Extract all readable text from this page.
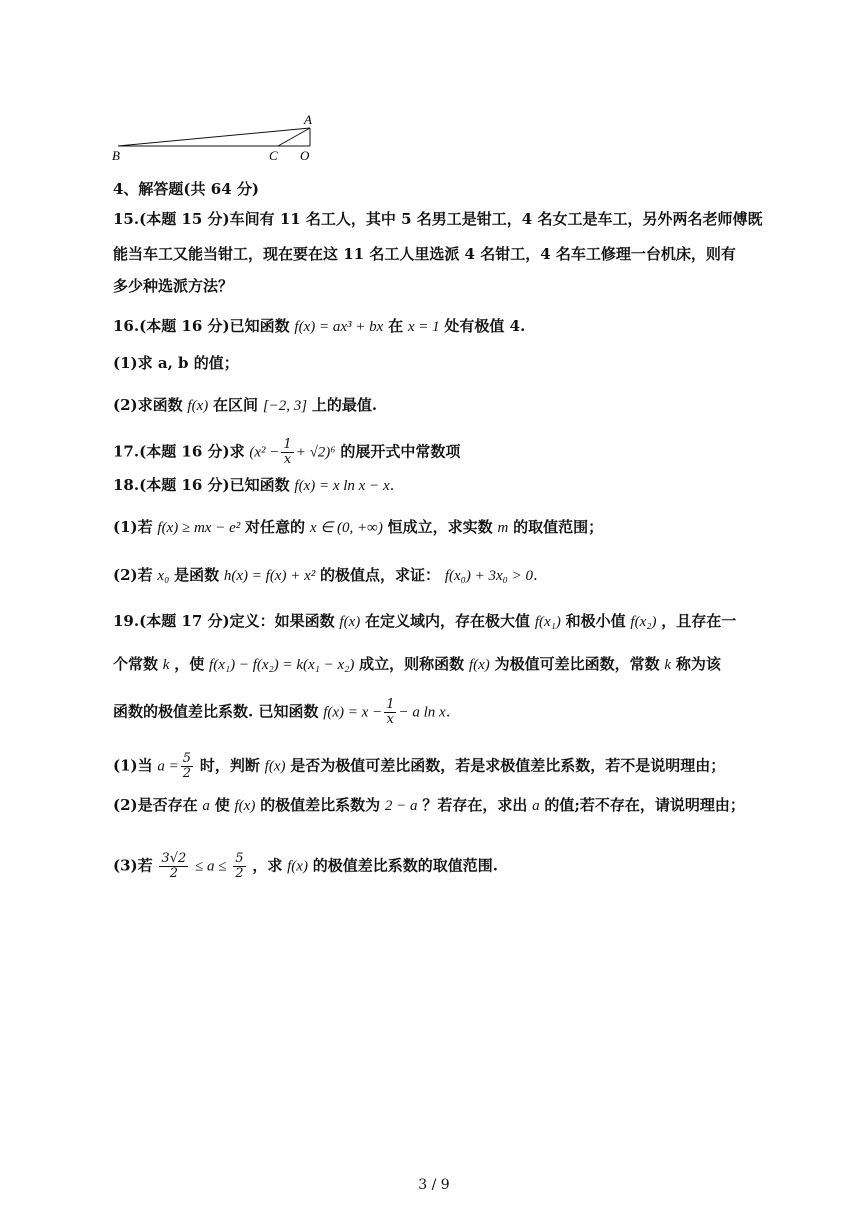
A
B	C O
4、解答题(共 64 分)
15.(本题 15 分)车间有 11 名工人，其中 5 名男工是钳工，4 名女工是车工，另外两名老师傅既
能当车工又能当钳工，现在要在这 11 名工人里选派 4 名钳工，4 名车工修理一台机床，则有
多少种选派方法？
16.(本题 16 分)已知函数 f(x) = ax³ + bx 在 x = 1 处有极值 4.
(1)求 a, b 的值；
(2)求函数 f(x) 在区间 [−2, 3] 上的最值.
17.(本题 16 分)求 $(x^2 - \frac{1}{x} + √2)^6$ 的展开式中常数项
18.(本题 16 分)已知函数 f(x) = x ln x − x.
(1)若 f(x) ≥ mx − e² 对任意的 x ∈ (0, +∞) 恒成立，求实数 m 的取值范围；
(2)若 x₀ 是函数 h(x) = f(x) + x² 的极值点，求证： f(x₀) + 3x₀ > 0.
19.(本题 17 分)定义：如果函数 f(x) 在定义域内，存在极大值 f(x₁) 和极小值 f(x₂) ，且存在一
个常数 k ，使 f(x₁) − f(x₂) = k(x₁ − x₂) 成立，则称函数 f(x) 为极值可差比函数，常数 k 称为该
函数的极值差比系数. 已知函数 $f(x) = x - \frac{1}{x} - a$ ln x.
(1)当 $a = \frac{5}{2}$ 时，判断 f(x) 是否为极值可差比函数，若是求极值差比系数，若不是说明理由；
(2)是否存在 a 使 f(x) 的极值差比系数为 2 − a ？若存在，求出 a 的值;若不存在，请说明理由；
(3)若 $\frac{3√2}{2} \le a \le \frac{5}{2}$ ，求 f(x) 的极值差比系数的取值范围.
3 / 9
